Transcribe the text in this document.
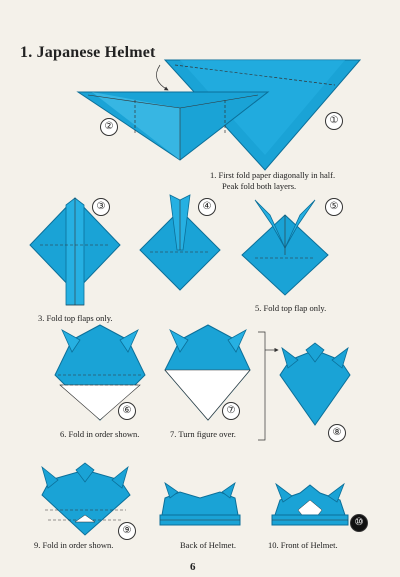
1. Japanese Helmet
①
②
③	④	⑤
⑥	⑦
⑧
⑨
⑩
1. First fold paper diagonally in half.
Peak fold both layers.
3. Fold top flaps only.
5. Fold top flap only.
6. Fold in order shown.	7. Turn figure over.
9. Fold in order shown.	Back of Helmet.	10. Front of Helmet.
6
